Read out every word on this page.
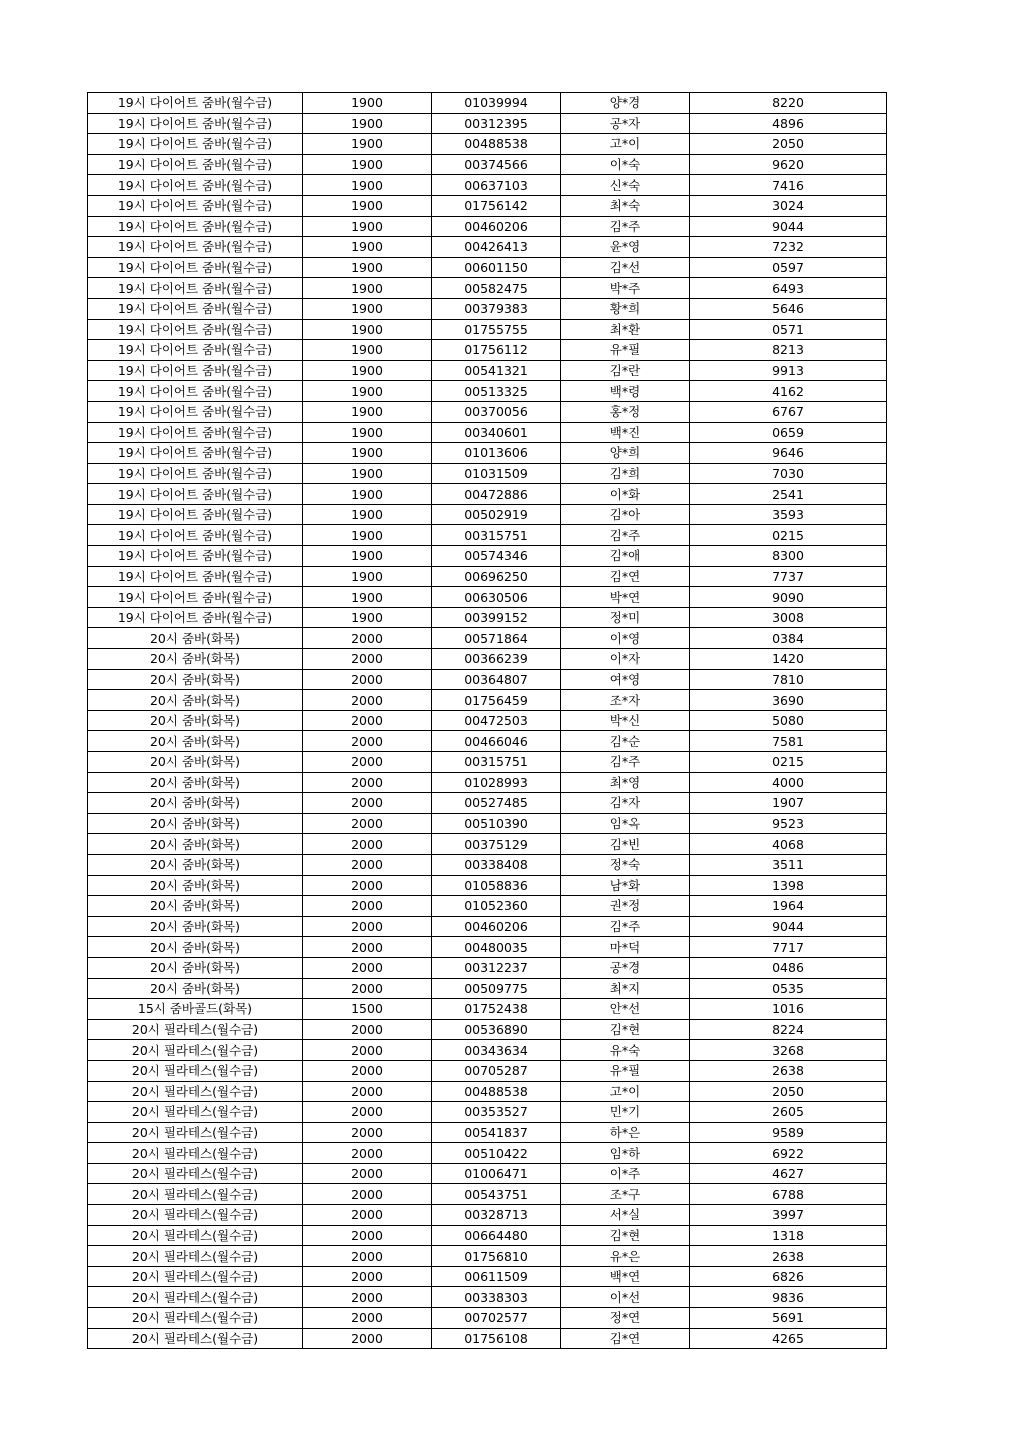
19시 다이어트 줌바(월수금)	1900	01039994	양*경	8220
19시 다이어트 줌바(월수금)	1900	00312395	공*자	4896
19시 다이어트 줌바(월수금)	1900	00488538	고*이	2050
19시 다이어트 줌바(월수금)	1900	00374566	이*숙	9620
19시 다이어트 줌바(월수금)	1900	00637103	신*숙	7416
19시 다이어트 줌바(월수금)	1900	01756142	최*숙	3024
19시 다이어트 줌바(월수금)	1900	00460206	김*주	9044
19시 다이어트 줌바(월수금)	1900	00426413	윤*영	7232
19시 다이어트 줌바(월수금)	1900	00601150	김*선	0597
19시 다이어트 줌바(월수금)	1900	00582475	박*주	6493
19시 다이어트 줌바(월수금)	1900	00379383	황*희	5646
19시 다이어트 줌바(월수금)	1900	01755755	최*환	0571
19시 다이어트 줌바(월수금)	1900	01756112	유*필	8213
19시 다이어트 줌바(월수금)	1900	00541321	김*란	9913
19시 다이어트 줌바(월수금)	1900	00513325	백*령	4162
19시 다이어트 줌바(월수금)	1900	00370056	홍*정	6767
19시 다이어트 줌바(월수금)	1900	00340601	백*진	0659
19시 다이어트 줌바(월수금)	1900	01013606	양*희	9646
19시 다이어트 줌바(월수금)	1900	01031509	김*희	7030
19시 다이어트 줌바(월수금)	1900	00472886	이*화	2541
19시 다이어트 줌바(월수금)	1900	00502919	김*아	3593
19시 다이어트 줌바(월수금)	1900	00315751	김*주	0215
19시 다이어트 줌바(월수금)	1900	00574346	김*애	8300
19시 다이어트 줌바(월수금)	1900	00696250	김*연	7737
19시 다이어트 줌바(월수금)	1900	00630506	박*연	9090
19시 다이어트 줌바(월수금)	1900	00399152	정*미	3008
20시 줌바(화목)	2000	00571864	이*영	0384
20시 줌바(화목)	2000	00366239	이*자	1420
20시 줌바(화목)	2000	00364807	여*영	7810
20시 줌바(화목)	2000	01756459	조*자	3690
20시 줌바(화목)	2000	00472503	박*신	5080
20시 줌바(화목)	2000	00466046	김*순	7581
20시 줌바(화목)	2000	00315751	김*주	0215
20시 줌바(화목)	2000	01028993	최*영	4000
20시 줌바(화목)	2000	00527485	김*자	1907
20시 줌바(화목)	2000	00510390	임*옥	9523
20시 줌바(화목)	2000	00375129	김*빈	4068
20시 줌바(화목)	2000	00338408	정*숙	3511
20시 줌바(화목)	2000	01058836	남*화	1398
20시 줌바(화목)	2000	01052360	권*정	1964
20시 줌바(화목)	2000	00460206	김*주	9044
20시 줌바(화목)	2000	00480035	마*덕	7717
20시 줌바(화목)	2000	00312237	공*경	0486
20시 줌바(화목)	2000	00509775	최*지	0535
15시 줌바골드(화목)	1500	01752438	안*선	1016
20시 필라테스(월수금)	2000	00536890	김*현	8224
20시 필라테스(월수금)	2000	00343634	유*숙	3268
20시 필라테스(월수금)	2000	00705287	유*필	2638
20시 필라테스(월수금)	2000	00488538	고*이	2050
20시 필라테스(월수금)	2000	00353527	민*기	2605
20시 필라테스(월수금)	2000	00541837	하*은	9589
20시 필라테스(월수금)	2000	00510422	임*하	6922
20시 필라테스(월수금)	2000	01006471	이*주	4627
20시 필라테스(월수금)	2000	00543751	조*구	6788
20시 필라테스(월수금)	2000	00328713	서*실	3997
20시 필라테스(월수금)	2000	00664480	김*현	1318
20시 필라테스(월수금)	2000	01756810	유*은	2638
20시 필라테스(월수금)	2000	00611509	백*연	6826
20시 필라테스(월수금)	2000	00338303	이*선	9836
20시 필라테스(월수금)	2000	00702577	정*연	5691
20시 필라테스(월수금)	2000	01756108	김*연	4265
